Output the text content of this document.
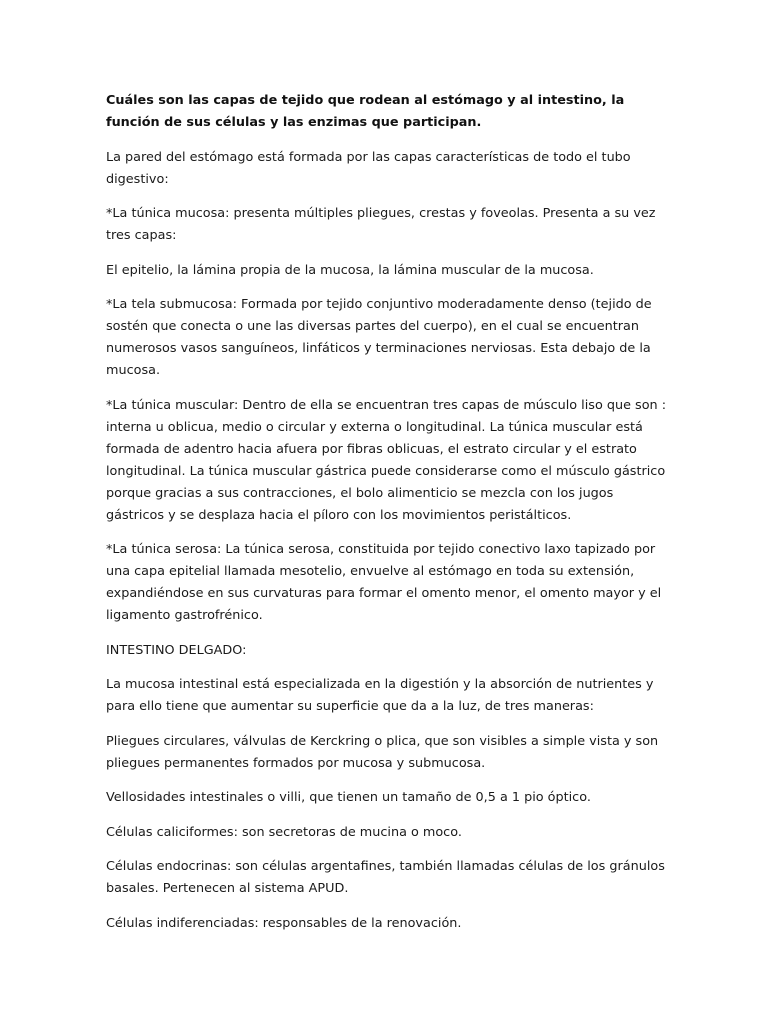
Cuáles son las capas de tejido que rodean al estómago y al intestino, la función de sus células y las enzimas que participan.

La pared del estómago está formada por las capas características de todo el tubo digestivo:

*La túnica mucosa: presenta múltiples pliegues, crestas y foveolas. Presenta a su vez tres capas:

El epitelio, la lámina propia de la mucosa, la lámina muscular de la mucosa.

*La tela submucosa: Formada por tejido conjuntivo moderadamente denso (tejido de sostén que conecta o une las diversas partes del cuerpo), en el cual se encuentran numerosos vasos sanguíneos, linfáticos y terminaciones nerviosas. Esta debajo de la mucosa.

*La túnica muscular: Dentro de ella se encuentran tres capas de músculo liso que son : interna u oblicua, medio o circular y externa o longitudinal. La túnica muscular está formada de adentro hacia afuera por fibras oblicuas, el estrato circular y el estrato longitudinal. La túnica muscular gástrica puede considerarse como el músculo gástrico porque gracias a sus contracciones, el bolo alimenticio se mezcla con los jugos gástricos y se desplaza hacia el píloro con los movimientos peristálticos.

*La túnica serosa: La túnica serosa, constituida por tejido conectivo laxo tapizado por una capa epitelial llamada mesotelio, envuelve al estómago en toda su extensión, expandiéndose en sus curvaturas para formar el omento menor, el omento mayor y el ligamento gastrofrénico.

INTESTINO DELGADO:

La mucosa intestinal está especializada en la digestión y la absorción de nutrientes y para ello tiene que aumentar su superficie que da a la luz, de tres maneras:

Pliegues circulares, válvulas de Kerckring o plica, que son visibles a simple vista y son pliegues permanentes formados por mucosa y submucosa.

Vellosidades intestinales o villi, que tienen un tamaño de 0,5 a 1 pio óptico.

Células caliciformes: son secretoras de mucina o moco.

Células endocrinas: son células argentafines, también llamadas células de los gránulos basales. Pertenecen al sistema APUD.

Células indiferenciadas: responsables de la renovación.
